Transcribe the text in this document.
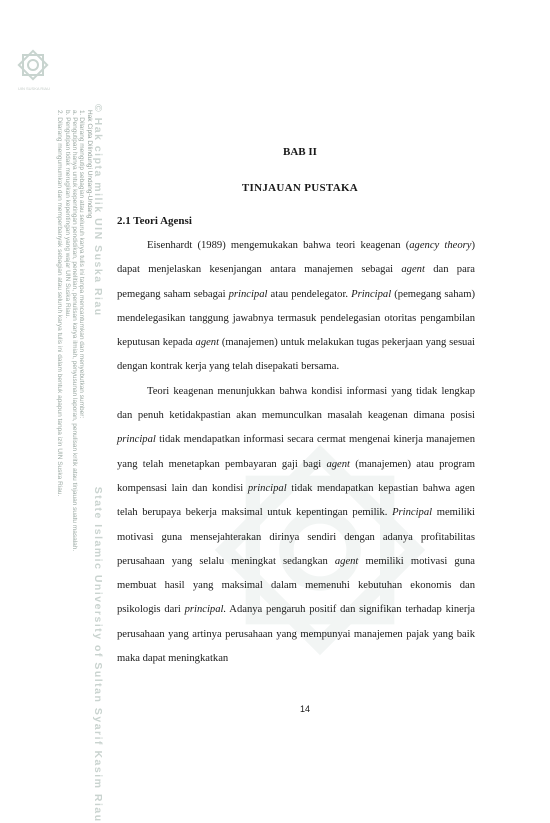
UIN SUSKA RIAU
© Hak cipta milik UIN Suska RiauState Islamic University of Sultan Syarif Kasim Riau
Hak Cipta Dilindungi Undang-Undang
1. Dilarang mengutip sebagian atau seluruh karya tulis ini tanpa mencantumkan dan menyebutkan sumber:
a. Pengutipan hanya untuk kepentingan pendidikan, penelitian, penulisan karya ilmiah, penyusunan laporan, penulisan kritik atau tinjauan suatu masalah.
b. Pengutipan tidak merugikan kepentingan yang wajar UIN Suska Riau.
2. Dilarang mengumumkan dan memperbanyak sebagian atau seluruh karya tulis ini dalam bentuk apapun tanpa izin UIN Suska Riau.	BAB II
TINJAUAN PUSTAKA
2.1 Teori Agensi

Eisenhardt (1989) mengemukakan bahwa teori keagenan (agency theory) dapat menjelaskan kesenjangan antara manajemen sebagai agent dan para pemegang saham sebagai principal atau pendelegator. Principal (pemegang saham) mendelegasikan tanggung jawabnya termasuk pendelegasian otoritas pengambilan keputusan kepada agent (manajemen) untuk melakukan tugas pekerjaan yang sesuai dengan kontrak kerja yang telah disepakati bersama.

Teori keagenan menunjukkan bahwa kondisi informasi yang tidak lengkap dan penuh ketidakpastian akan memunculkan masalah keagenan dimana posisi principal tidak mendapatkan informasi secara cermat mengenai kinerja manajemen yang telah menetapkan pembayaran gaji bagi agent (manajemen) atau program kompensasi lain dan kondisi principal tidak mendapatkan kepastian bahwa agen telah berupaya bekerja maksimal untuk kepentingan pemilik. Principal memiliki motivasi guna mensejahterakan dirinya sendiri dengan adanya profitabilitas perusahaan yang selalu meningkat sedangkan agent memiliki motivasi guna membuat hasil yang maksimal dalam memenuhi kebutuhan ekonomis dan psikologis dari principal. Adanya pengaruh positif dan signifikan terhadap kinerja perusahaan yang artinya perusahaan yang mempunyai manajemen pajak yang baik maka dapat meningkatkan

14
